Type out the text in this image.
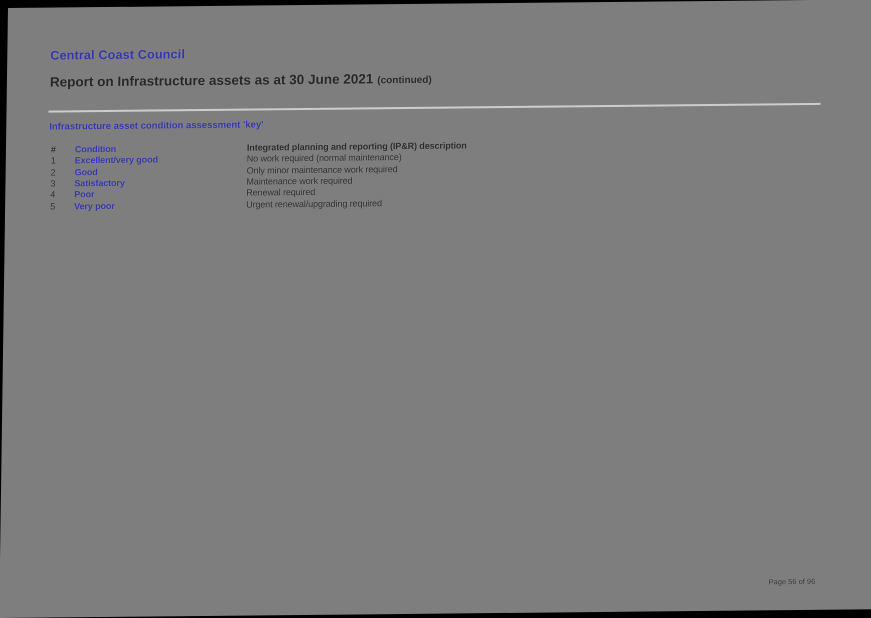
Central Coast Council
Report on Infrastructure assets as at 30 June 2021 (continued)
Infrastructure asset condition assessment 'key'
#	Condition	Integrated planning and reporting (IP&R) description
1	Excellent/very good	No work required (normal maintenance)
2	Good	Only minor maintenance work required
3	Satisfactory	Maintenance work required
4	Poor	Renewal required
5	Very poor	Urgent renewal/upgrading required
Page 56 of 96
